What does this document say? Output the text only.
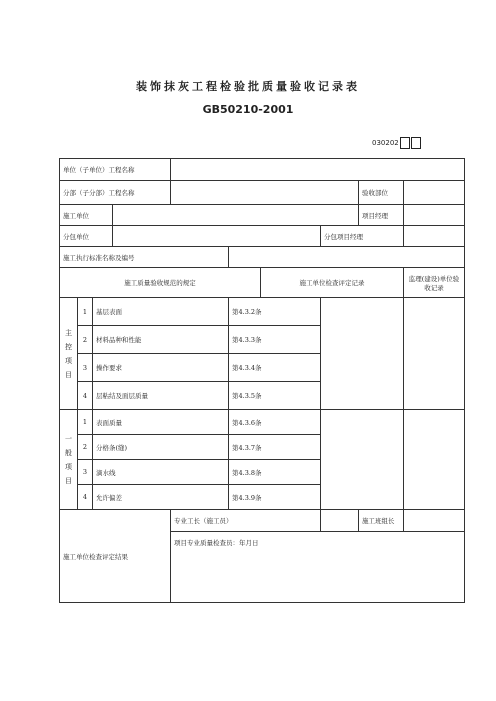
装饰抹灰工程检验批质量验收记录表
GB50210-2001
030202
单位（子单位）工程名称									
分部（子分部）工程名称								验收部位	
施工单位								项目经理	
分包单位							分包项目经理		
施工执行标准名称及编号									
施工质量验收规范的规定						施工单位检查评定记录			监理(建设)单位验收记录
主
控
项
目	1	基层表面			第4.3.2条				
	2	材料品种和性能			第4.3.3条				
	3	操作要求			第4.3.4条				
	4	层粘结及面层质量			第4.3.5条				
一
般
项
目	1	表面质量			第4.3.6条				
	2	分格条(缝)			第4.3.7条				
	3	滴水线			第4.3.8条				
	4	允许偏差			第4.3.9条				
施工单位检查评定结果				专业工长（施工员）				施工班组长	

				项目专业质量检查员：年月日					
